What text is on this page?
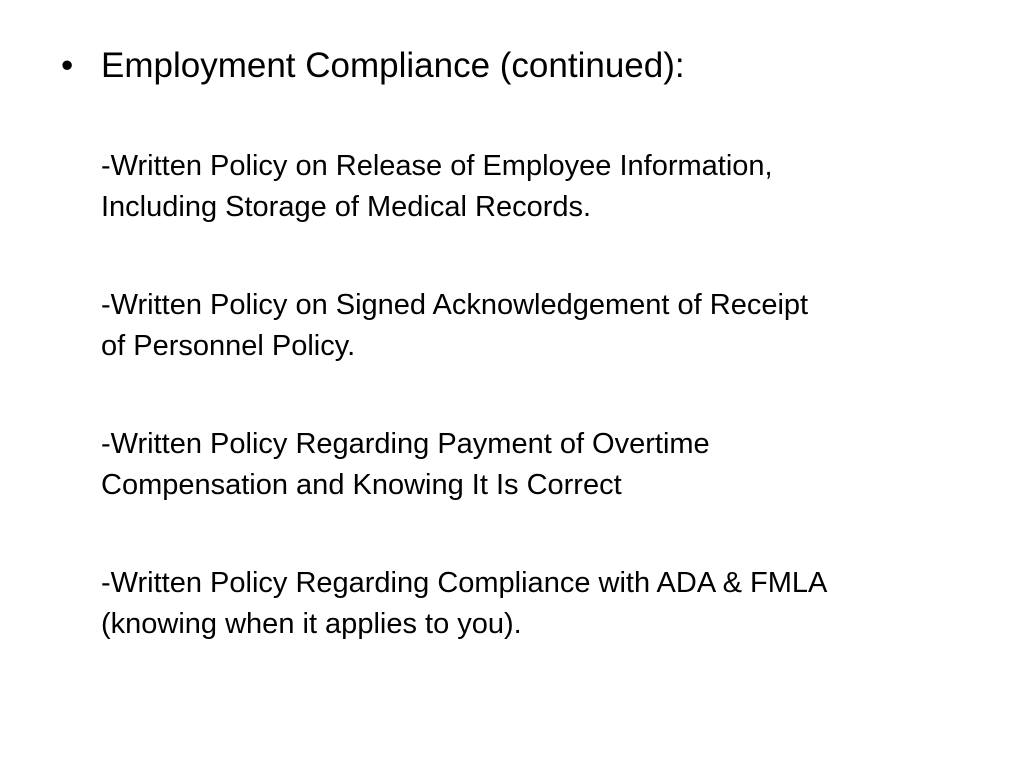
• Employment Compliance (continued):
-Written Policy on Release of Employee Information,
Including Storage of Medical Records.
-Written Policy on Signed Acknowledgement of Receipt
of Personnel Policy.
-Written Policy Regarding Payment of Overtime
Compensation and Knowing It Is Correct
-Written Policy Regarding Compliance with ADA & FMLA
(knowing when it applies to you).
